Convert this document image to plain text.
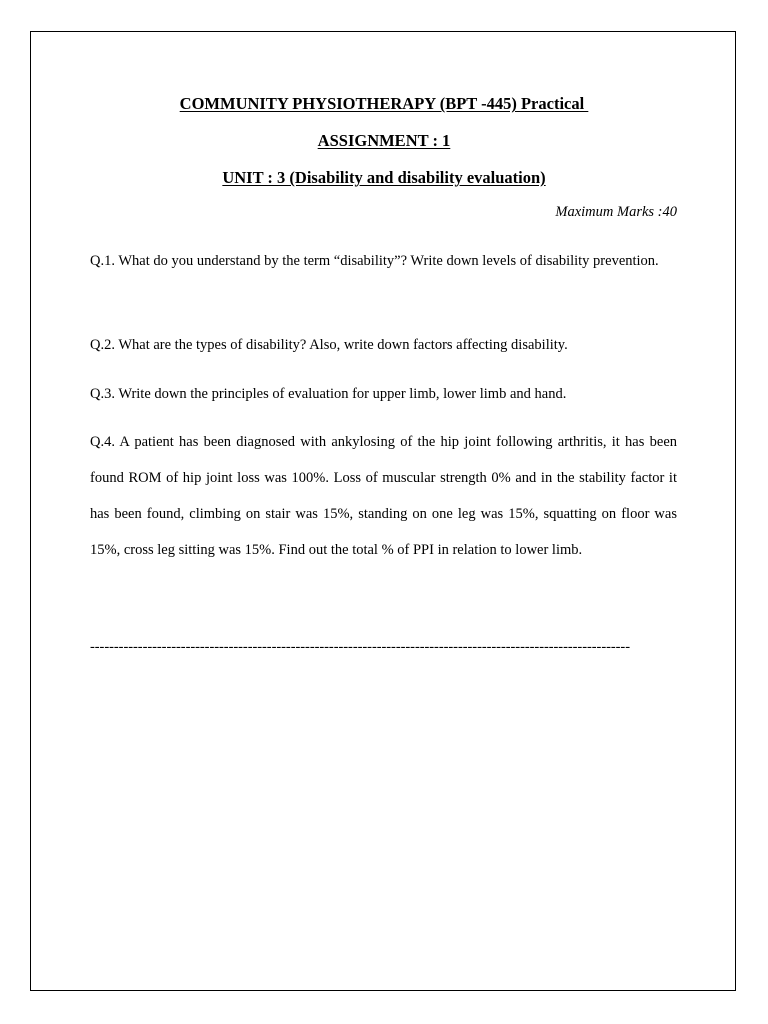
COMMUNITY PHYSIOTHERAPY (BPT -445) Practical
ASSIGNMENT : 1
UNIT : 3 (Disability and disability evaluation)
Maximum Marks :40

Q.1. What do you understand by the term “disability”? Write down levels of disability prevention.

Q.2. What are the types of disability? Also, write down factors affecting disability.

Q.3. Write down the principles of evaluation for upper limb, lower limb and hand.

Q.4. A patient has been diagnosed with ankylosing of the hip joint following arthritis, it has been found ROM of hip joint loss was 100%. Loss of muscular strength 0% and in the stability factor it has been found, climbing on stair was 15%, standing on one leg was 15%, squatting on floor was 15%, cross leg sitting was 15%. Find out the total % of PPI in relation to lower limb.

-----------------------------------------------------------------------------------------------------------------
